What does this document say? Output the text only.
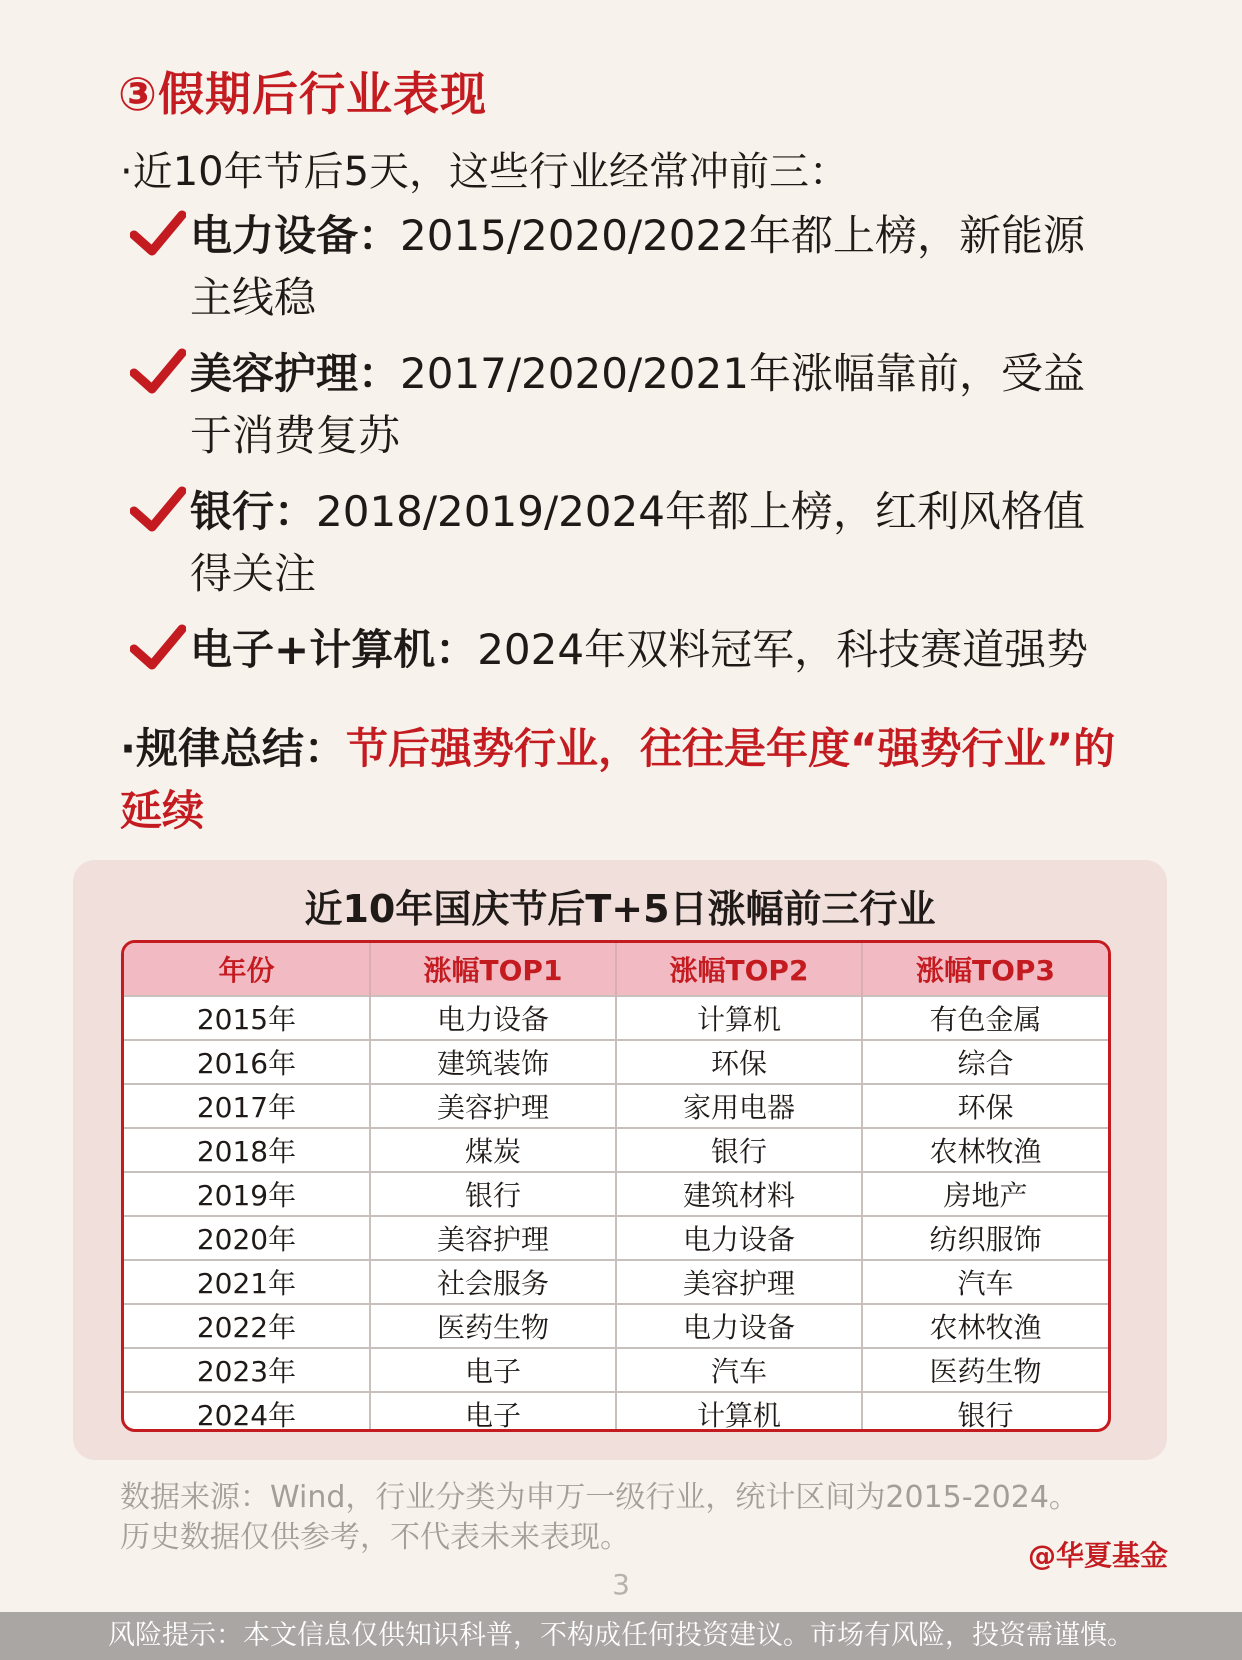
③假期后行业表现
·近10年节后5天，这些行业经常冲前三：
电力设备：2015/2020/2022年都上榜，新能源主线稳
美容护理：2017/2020/2021年涨幅靠前，受益于消费复苏
银行：2018/2019/2024年都上榜，红利风格值得关注
电子+计算机：2024年双料冠军，科技赛道强势
·规律总结：节后强势行业，往往是年度“强势行业”的延续
近10年国庆节后T+5日涨幅前三行业
年份	涨幅TOP1	涨幅TOP2	涨幅TOP3
2015年	电力设备	计算机	有色金属
2016年	建筑装饰	环保	综合
2017年	美容护理	家用电器	环保
2018年	煤炭	银行	农林牧渔
2019年	银行	建筑材料	房地产
2020年	美容护理	电力设备	纺织服饰
2021年	社会服务	美容护理	汽车
2022年	医药生物	电力设备	农林牧渔
2023年	电子	汽车	医药生物
2024年	电子	计算机	银行
数据来源：Wind，行业分类为申万一级行业，统计区间为2015-2024。
历史数据仅供参考，不代表未来表现。
@华夏基金
3
风险提示：本文信息仅供知识科普，不构成任何投资建议。市场有风险，投资需谨慎。
